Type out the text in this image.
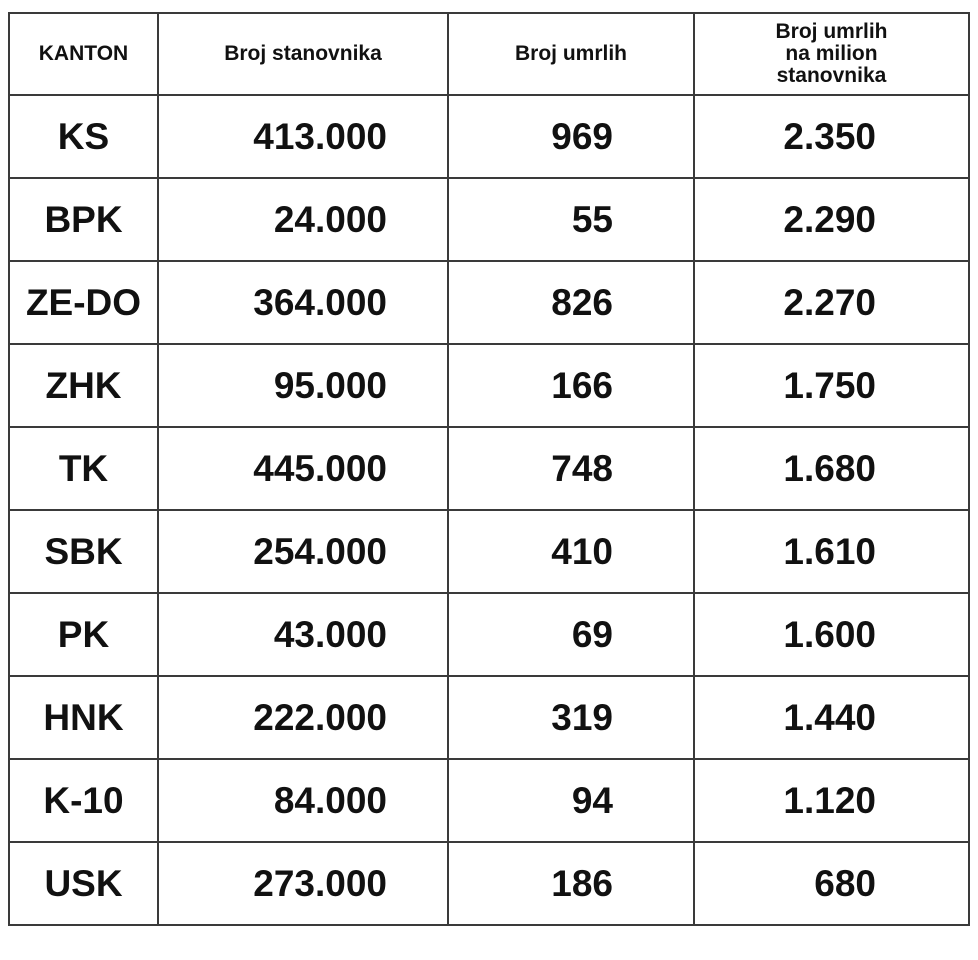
KANTON	Broj stanovnika	Broj umrlih	Broj umrlih
na milion
stanovnika
KS	413.000	969	2.350
BPK	24.000	55	2.290
ZE-DO	364.000	826	2.270
ZHK	95.000	166	1.750
TK	445.000	748	1.680
SBK	254.000	410	1.610
PK	43.000	69	1.600
HNK	222.000	319	1.440
K-10	84.000	94	1.120
USK	273.000	186	680
